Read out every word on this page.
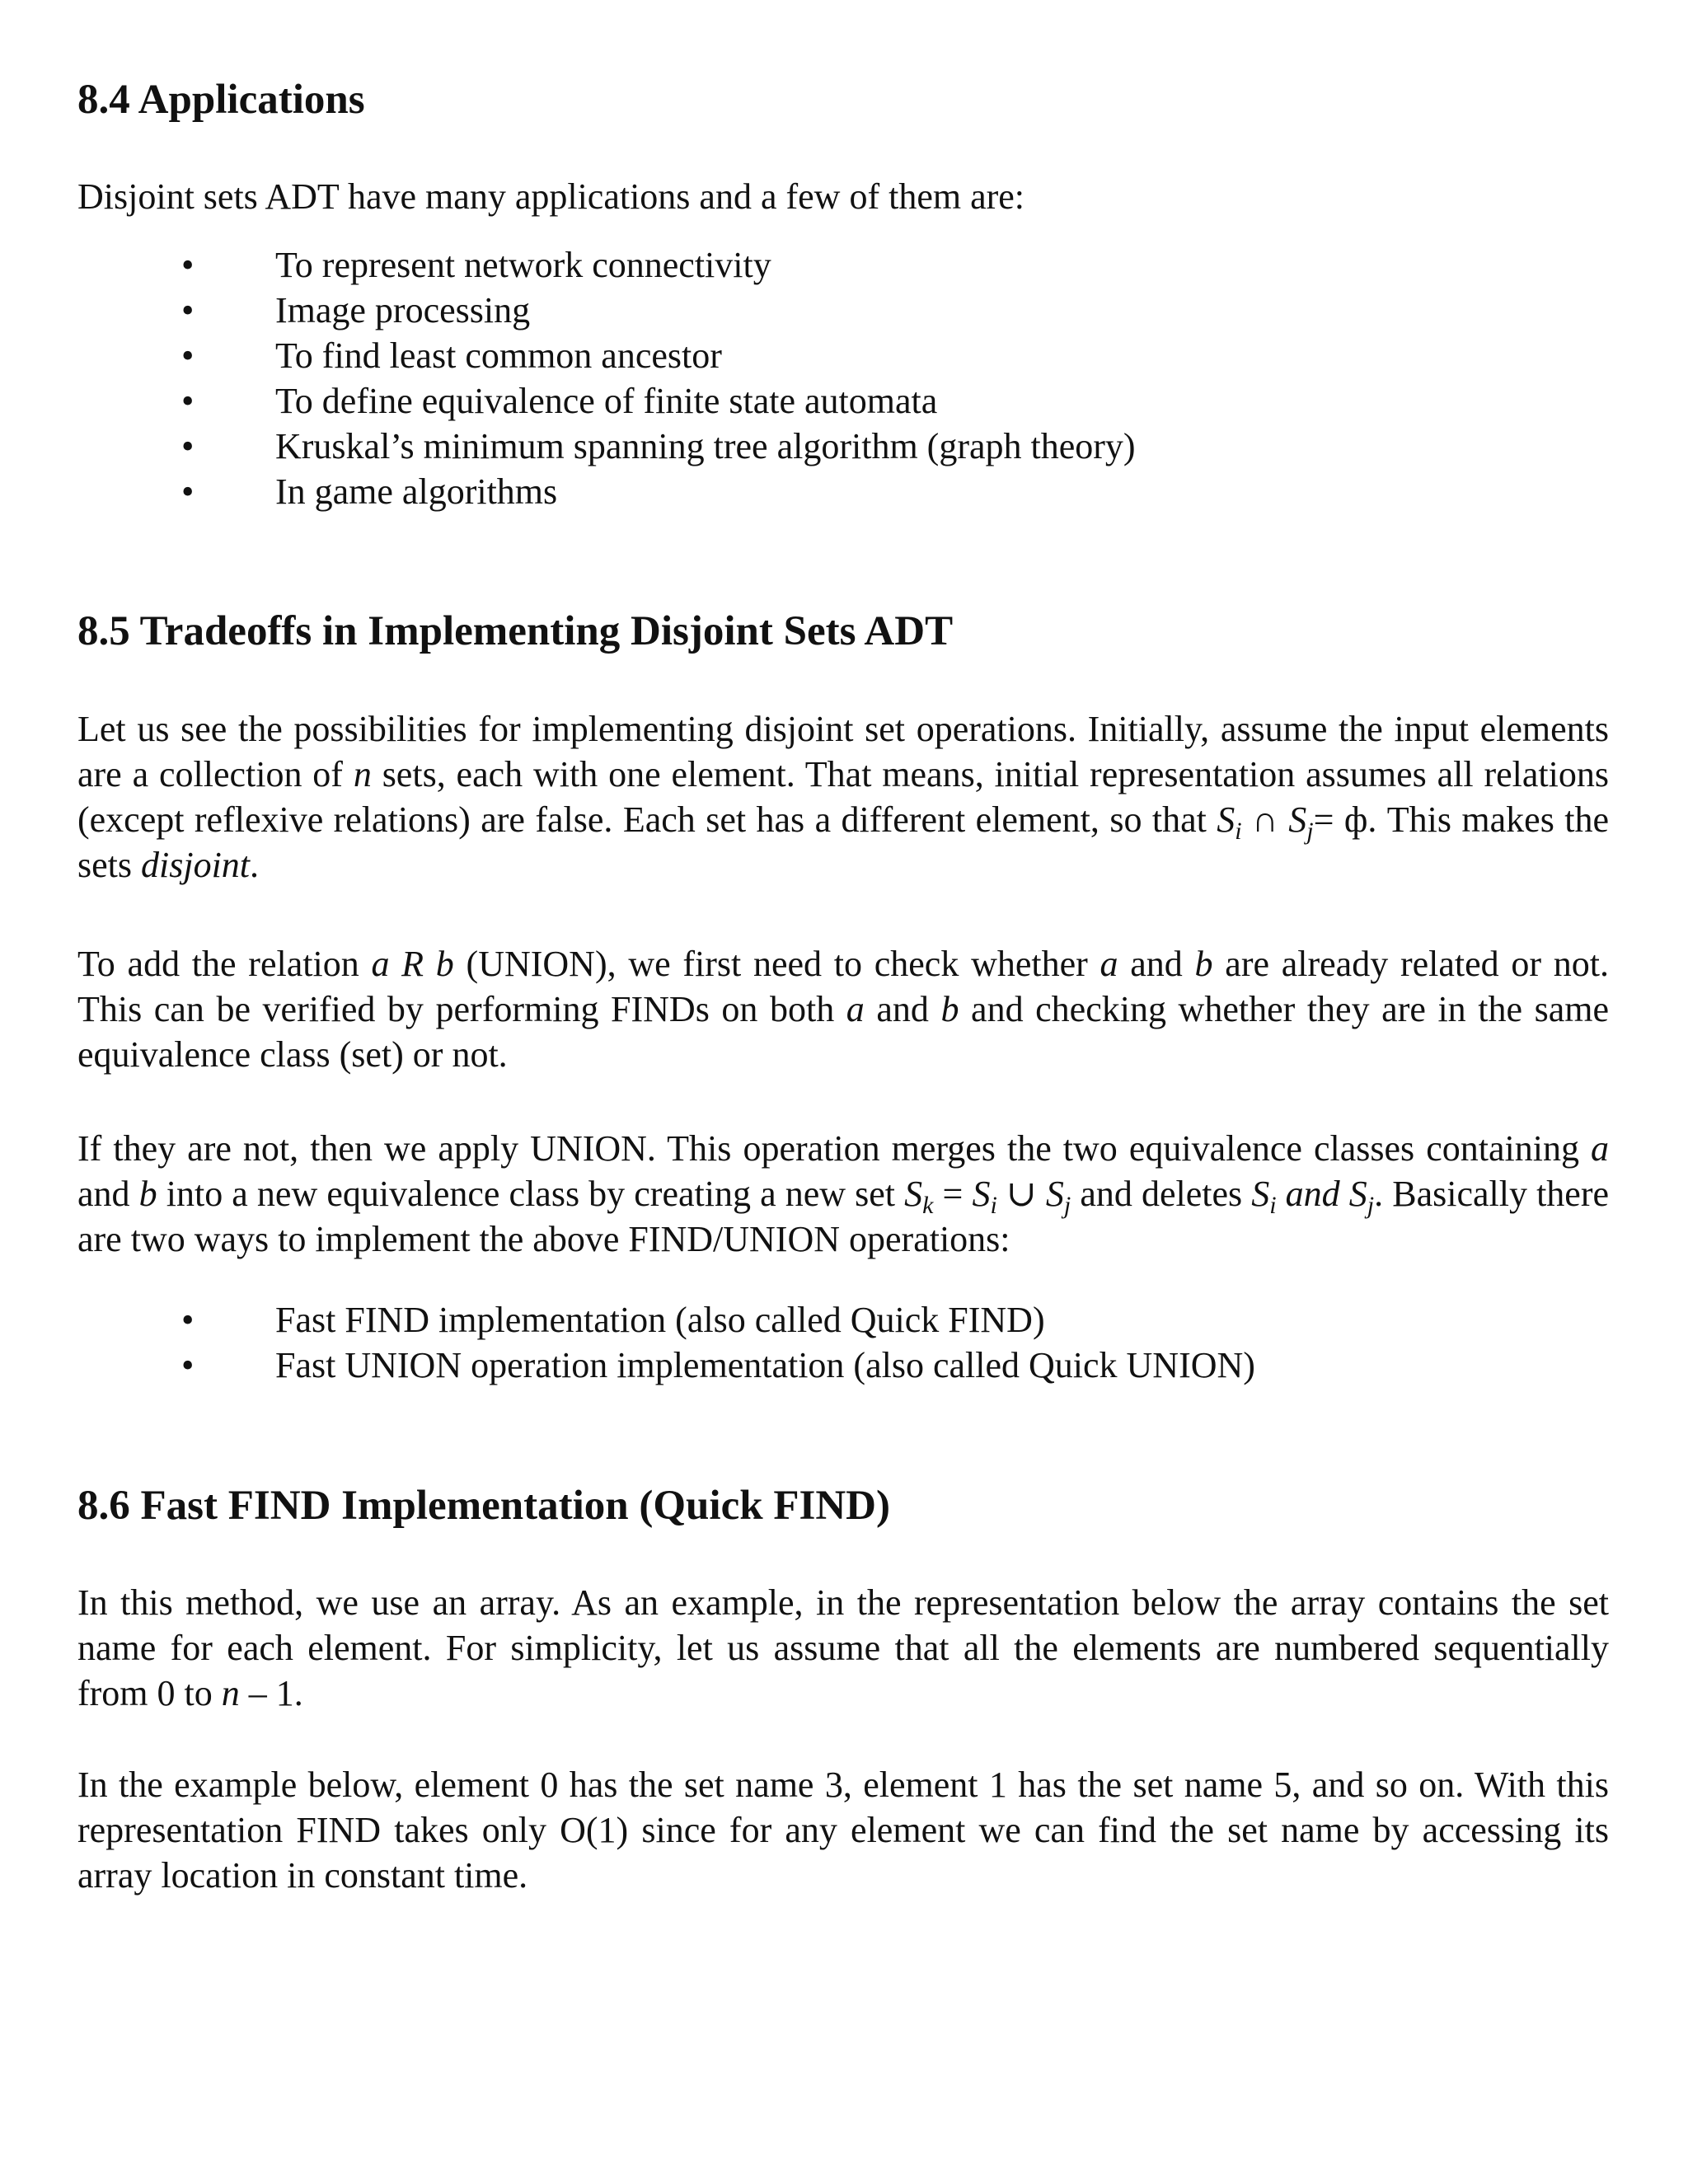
8.4 Applications

Disjoint sets ADT have many applications and a few of them are:

• To represent network connectivity
• Image processing
• To find least common ancestor
• To define equivalence of finite state automata
• Kruskal’s minimum spanning tree algorithm (graph theory)
• In game algorithms
8.5 Tradeoffs in Implementing Disjoint Sets ADT

Let us see the possibilities for implementing disjoint set operations. Initially, assume the input elements are a collection of n sets, each with one element. That means, initial representation assumes all relations (except reflexive relations) are false. Each set has a different element, so that $S_i$ ∩ $S_j= ф$. This makes the sets disjoint.

To add the relation a R b (UNION), we first need to check whether a and b are already related or not. This can be verified by performing FINDs on both a and b and checking whether they are in the same equivalence class (set) or not.

If they are not, then we apply UNION. This operation merges the two equivalence classes containing a and b into a new equivalence class by creating a new set $S_k = S_i$ ∪ $S_j$ and deletes $S_i$ and $S_j$. Basically there are two ways to implement the above FIND/UNION operations:

• Fast FIND implementation (also called Quick FIND)
• Fast UNION operation implementation (also called Quick UNION)
8.6 Fast FIND Implementation (Quick FIND)

In this method, we use an array. As an example, in the representation below the array contains the set name for each element. For simplicity, let us assume that all the elements are numbered sequentially from 0 to n – 1.

In the example below, element 0 has the set name 3, element 1 has the set name 5, and so on. With this representation FIND takes only O(1) since for any element we can find the set name by accessing its array location in constant time.
